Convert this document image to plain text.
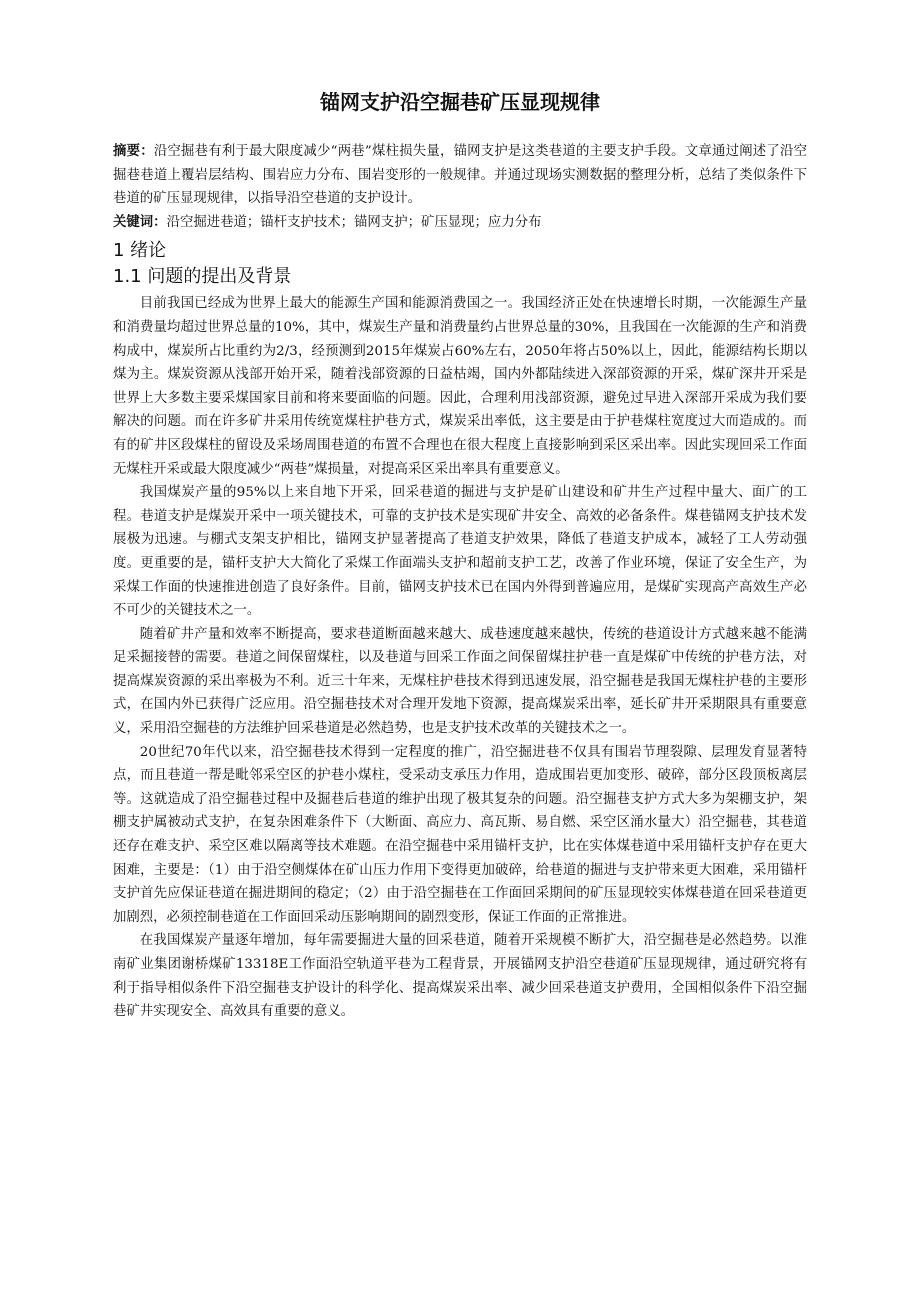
锚网支护沿空掘巷矿压显现规律

摘要：沿空掘巷有利于最大限度减少“两巷”煤柱损失量，锚网支护是这类巷道的主要支护手段。文章通过阐述了沿空掘巷巷道上覆岩层结构、围岩应力分布、围岩变形的一般规律。并通过现场实测数据的整理分析，总结了类似条件下巷道的矿压显现规律，以指导沿空巷道的支护设计。

关键词：沿空掘进巷道；锚杆支护技术；锚网支护；矿压显现；应力分布

1 绪论
1.1 问题的提出及背景

目前我国已经成为世界上最大的能源生产国和能源消费国之一。我国经济正处在快速增长时期，一次能源生产量和消费量均超过世界总量的10%，其中，煤炭生产量和消费量约占世界总量的30%，且我国在一次能源的生产和消费构成中，煤炭所占比重约为2/3，经预测到2015年煤炭占60%左右，2050年将占50%以上，因此，能源结构长期以煤为主。煤炭资源从浅部开始开采，随着浅部资源的日益枯竭，国内外都陆续进入深部资源的开采，煤矿深井开采是世界上大多数主要采煤国家目前和将来要面临的问题。因此，合理利用浅部资源，避免过早进入深部开采成为我们要解决的问题。而在许多矿井采用传统宽煤柱护巷方式，煤炭采出率低，这主要是由于护巷煤柱宽度过大而造成的。而有的矿井区段煤柱的留设及采场周围巷道的布置不合理也在很大程度上直接影响到采区采出率。因此实现回采工作面无煤柱开采或最大限度减少“两巷”煤损量，对提高采区采出率具有重要意义。

我国煤炭产量的95%以上来自地下开采，回采巷道的掘进与支护是矿山建设和矿井生产过程中量大、面广的工程。巷道支护是煤炭开采中一项关键技术，可靠的支护技术是实现矿井安全、高效的必备条件。煤巷锚网支护技术发展极为迅速。与棚式支架支护相比，锚网支护显著提高了巷道支护效果，降低了巷道支护成本，减轻了工人劳动强度。更重要的是，锚杆支护大大简化了采煤工作面端头支护和超前支护工艺，改善了作业环境，保证了安全生产，为采煤工作面的快速推进创造了良好条件。目前，锚网支护技术已在国内外得到普遍应用，是煤矿实现高产高效生产必不可少的关键技术之一。

随着矿井产量和效率不断提高，要求巷道断面越来越大、成巷速度越来越快，传统的巷道设计方式越来越不能满足采掘接替的需要。巷道之间保留煤柱，以及巷道与回采工作面之间保留煤拄护巷一直是煤矿中传统的护巷方法，对提高煤炭资源的采出率极为不利。近三十年来，无煤柱护巷技术得到迅速发展，沿空掘巷是我国无煤柱护巷的主要形式，在国内外已获得广泛应用。沿空掘巷技术对合理开发地下资源，提高煤炭采出率，延长矿井开采期限具有重要意义，采用沿空掘巷的方法维护回采巷道是必然趋势，也是支护技术改革的关键技术之一。

20世纪70年代以来，沿空掘巷技术得到一定程度的推广，沿空掘进巷不仅具有围岩节理裂隙、层理发育显著特点，而且巷道一帮是毗邻采空区的护巷小煤柱，受采动支承压力作用，造成围岩更加变形、破碎，部分区段顶板离层等。这就造成了沿空掘巷过程中及掘巷后巷道的维护出现了极其复杂的问题。沿空掘巷支护方式大多为架棚支护，架棚支护属被动式支护，在复杂困难条件下（大断面、高应力、高瓦斯、易自燃、采空区涌水量大）沿空掘巷，其巷道还存在难支护、采空区难以隔离等技术难题。在沿空掘巷中采用锚杆支护，比在实体煤巷道中采用锚杆支护存在更大困难，主要是：（1）由于沿空侧煤体在矿山压力作用下变得更加破碎，给巷道的掘进与支护带来更大困难，采用锚杆支护首先应保证巷道在掘进期间的稳定；（2）由于沿空掘巷在工作面回采期间的矿压显现较实体煤巷道在回采巷道更加剧烈，必须控制巷道在工作面回采动压影响期间的剧烈变形，保证工作面的正常推进。

在我国煤炭产量逐年增加，每年需要掘进大量的回采巷道，随着开采规模不断扩大，沿空掘巷是必然趋势。以淮南矿业集团谢桥煤矿13318E工作面沿空轨道平巷为工程背景，开展锚网支护沿空巷道矿压显现规律，通过研究将有利于指导相似条件下沿空掘巷支护设计的科学化、提高煤炭采出率、减少回采巷道支护费用，全国相似条件下沿空掘巷矿井实现安全、高效具有重要的意义。
